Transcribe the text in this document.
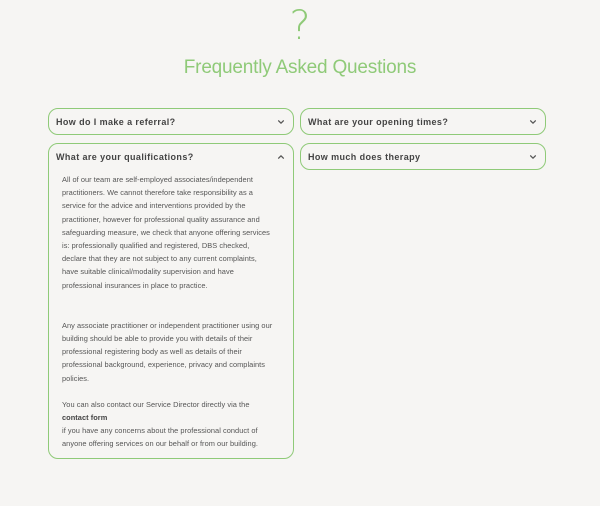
?
Frequently Asked Questions
How do I make a referral?
What are your qualifications?

All of our team are self-employed associates/independent practitioners. We cannot therefore take responsibility as a service for the advice and interventions provided by the practitioner, however for professional quality assurance and safeguarding measure, we check that anyone offering services is: professionally qualified and registered, DBS checked, declare that they are not subject to any current complaints, have suitable clinical/modality supervision and have professional insurances in place to practice.

Any associate practitioner or independent practitioner using our building should be able to provide you with details of their professional registering body as well as details of their professional background, experience, privacy and complaints policies.

You can also contact our Service Director directly via the
contact form
if you have any concerns about the professional conduct of anyone offering services on our behalf or from our building.

What are your opening times?
How much does therapy
